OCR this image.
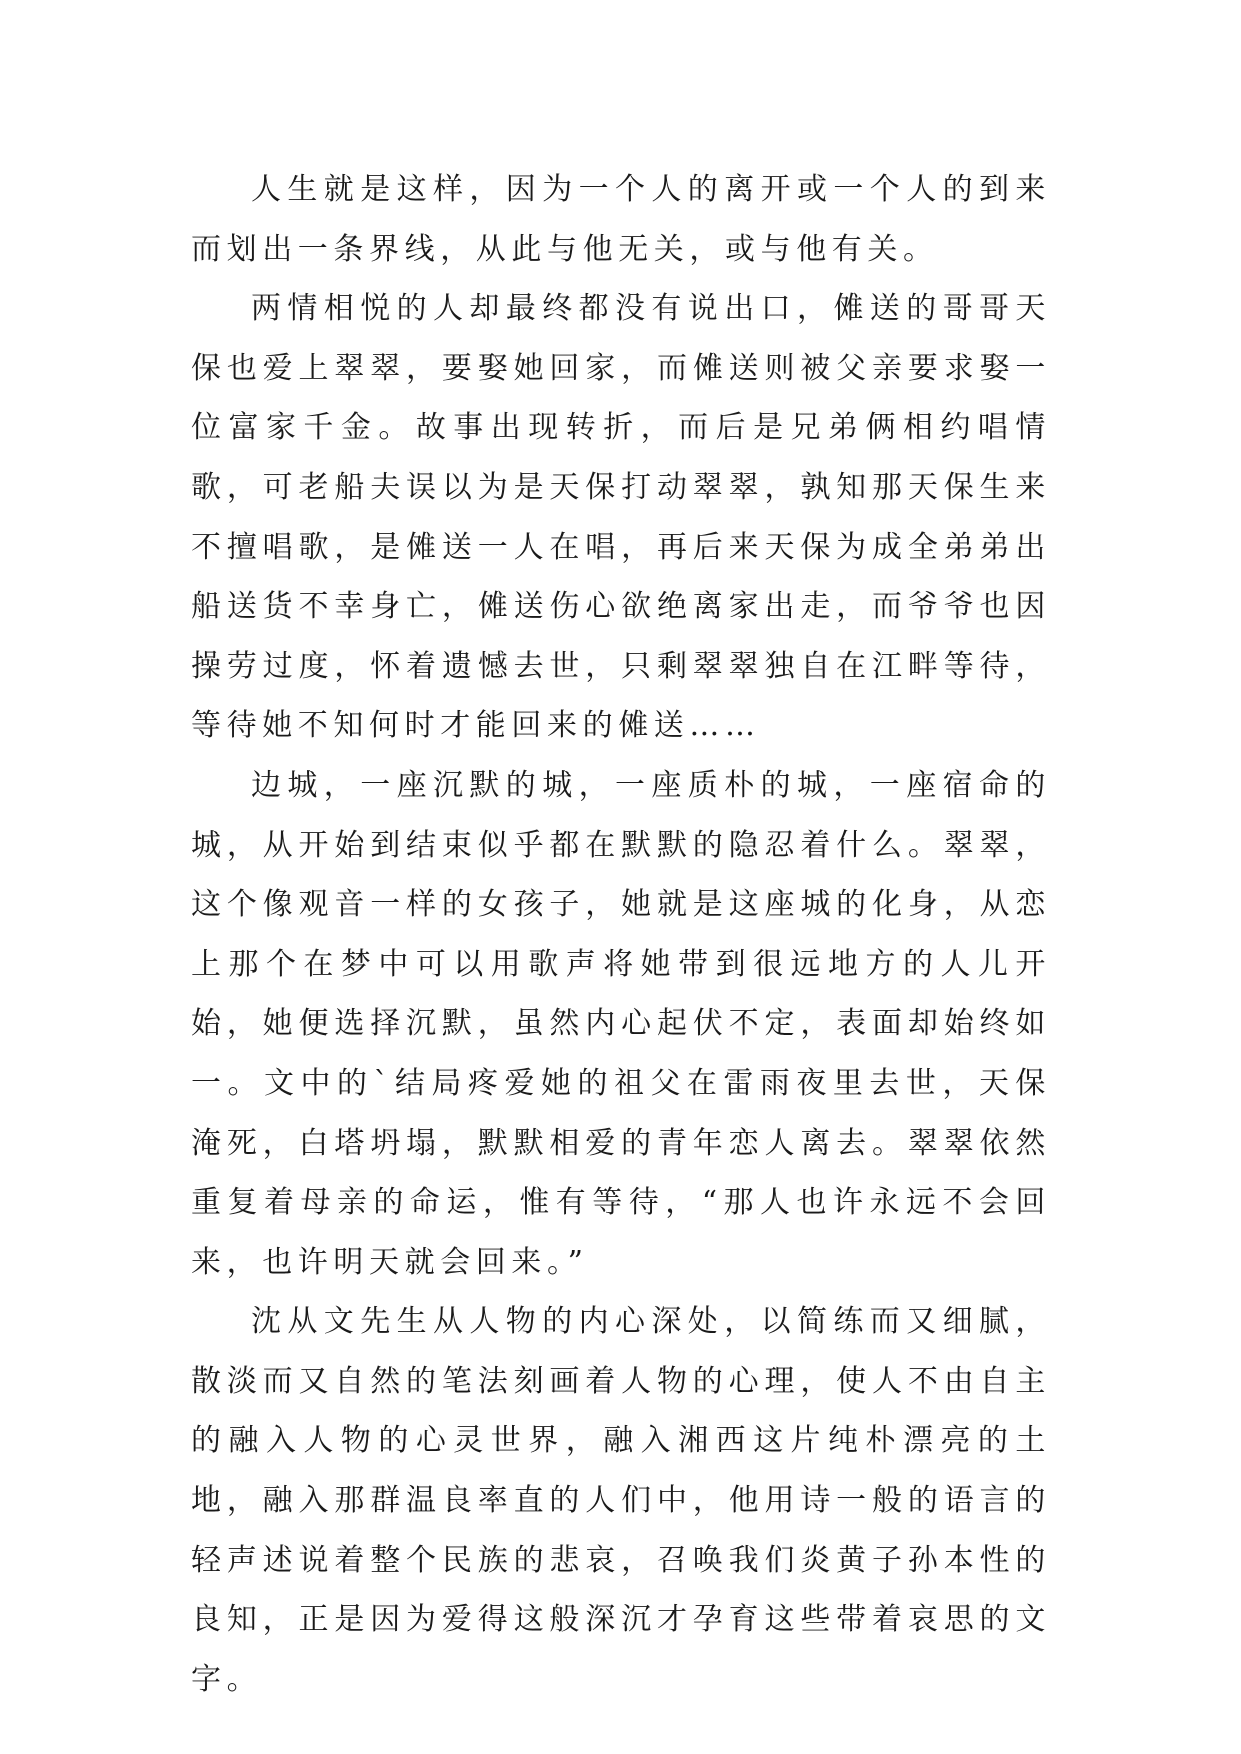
人生就是这样，因为一个人的离开或一个人的到来而划出一条界线，从此与他无关，或与他有关。

两情相悦的人却最终都没有说出口，傩送的哥哥天保也爱上翠翠，要娶她回家，而傩送则被父亲要求娶一位富家千金。故事出现转折，而后是兄弟俩相约唱情歌，可老船夫误以为是天保打动翠翠，孰知那天保生来不擅唱歌，是傩送一人在唱，再后来天保为成全弟弟出船送货不幸身亡，傩送伤心欲绝离家出走，而爷爷也因操劳过度，怀着遗憾去世，只剩翠翠独自在江畔等待，等待她不知何时才能回来的傩送……

边城，一座沉默的城，一座质朴的城，一座宿命的城，从开始到结束似乎都在默默的隐忍着什么。翠翠，这个像观音一样的女孩子，她就是这座城的化身，从恋上那个在梦中可以用歌声将她带到很远地方的人儿开始，她便选择沉默，虽然内心起伏不定，表面却始终如一。文中的`结局疼爱她的祖父在雷雨夜里去世，天保淹死，白塔坍塌，默默相爱的青年恋人离去。翠翠依然重复着母亲的命运，惟有等待，“那人也许永远不会回来，也许明天就会回来。”

沈从文先生从人物的内心深处，以简练而又细腻，散淡而又自然的笔法刻画着人物的心理，使人不由自主的融入人物的心灵世界，融入湘西这片纯朴漂亮的土地，融入那群温良率直的人们中，他用诗一般的语言的轻声述说着整个民族的悲哀，召唤我们炎黄子孙本性的良知，正是因为爱得这般深沉才孕育这些带着哀思的文字。
